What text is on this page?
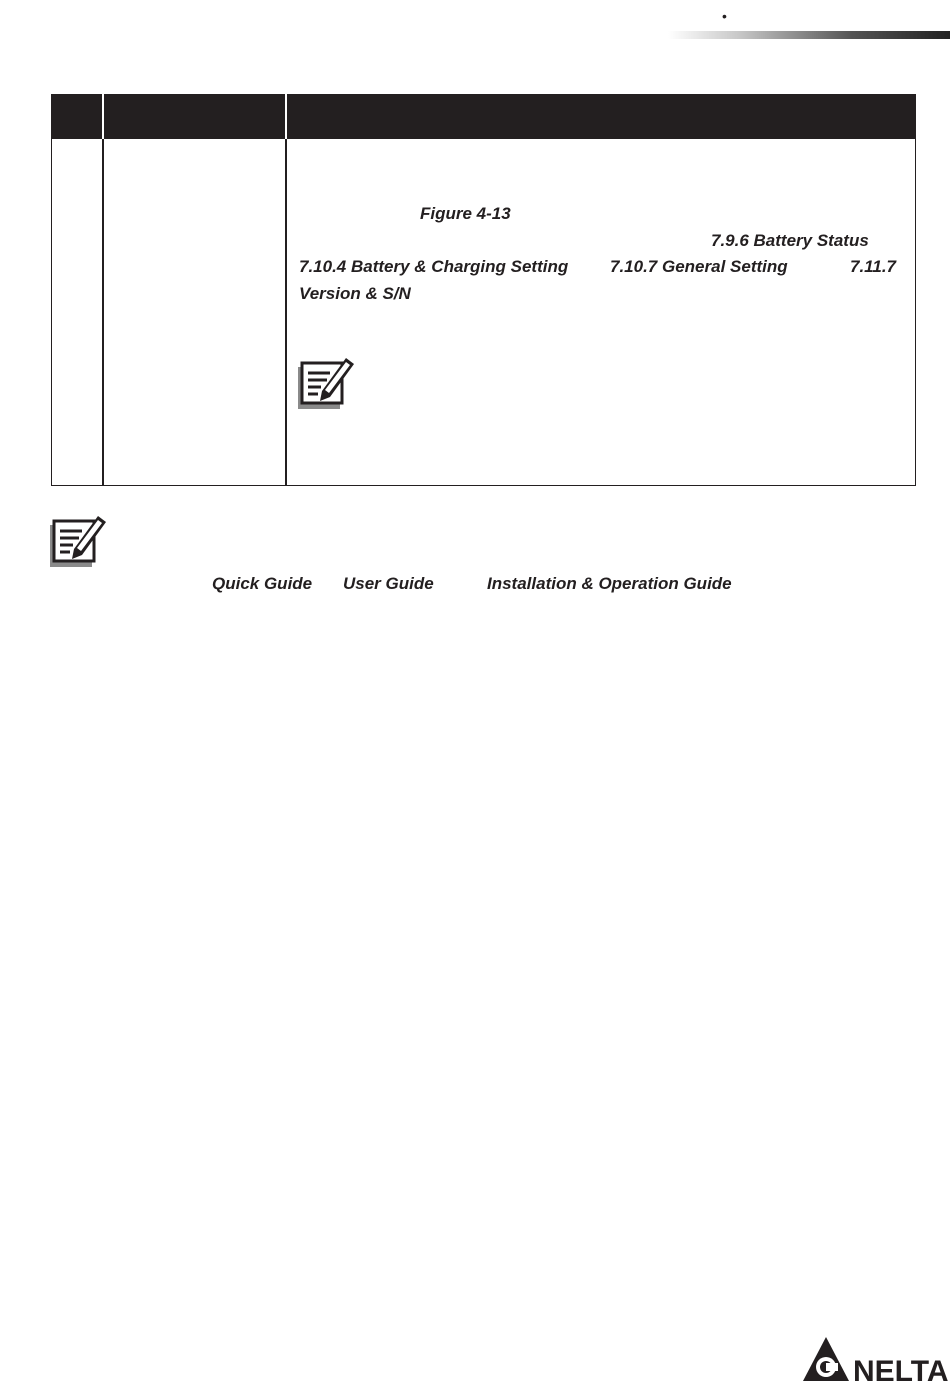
•
Figure 4-13
7.9.6 Battery Status
7.10.4 Battery & Charging Setting 7.10.7 General Setting	7.11.7
Version & S/N
Quick Guide User Guide	Installation & Operation Guide
NELTA
